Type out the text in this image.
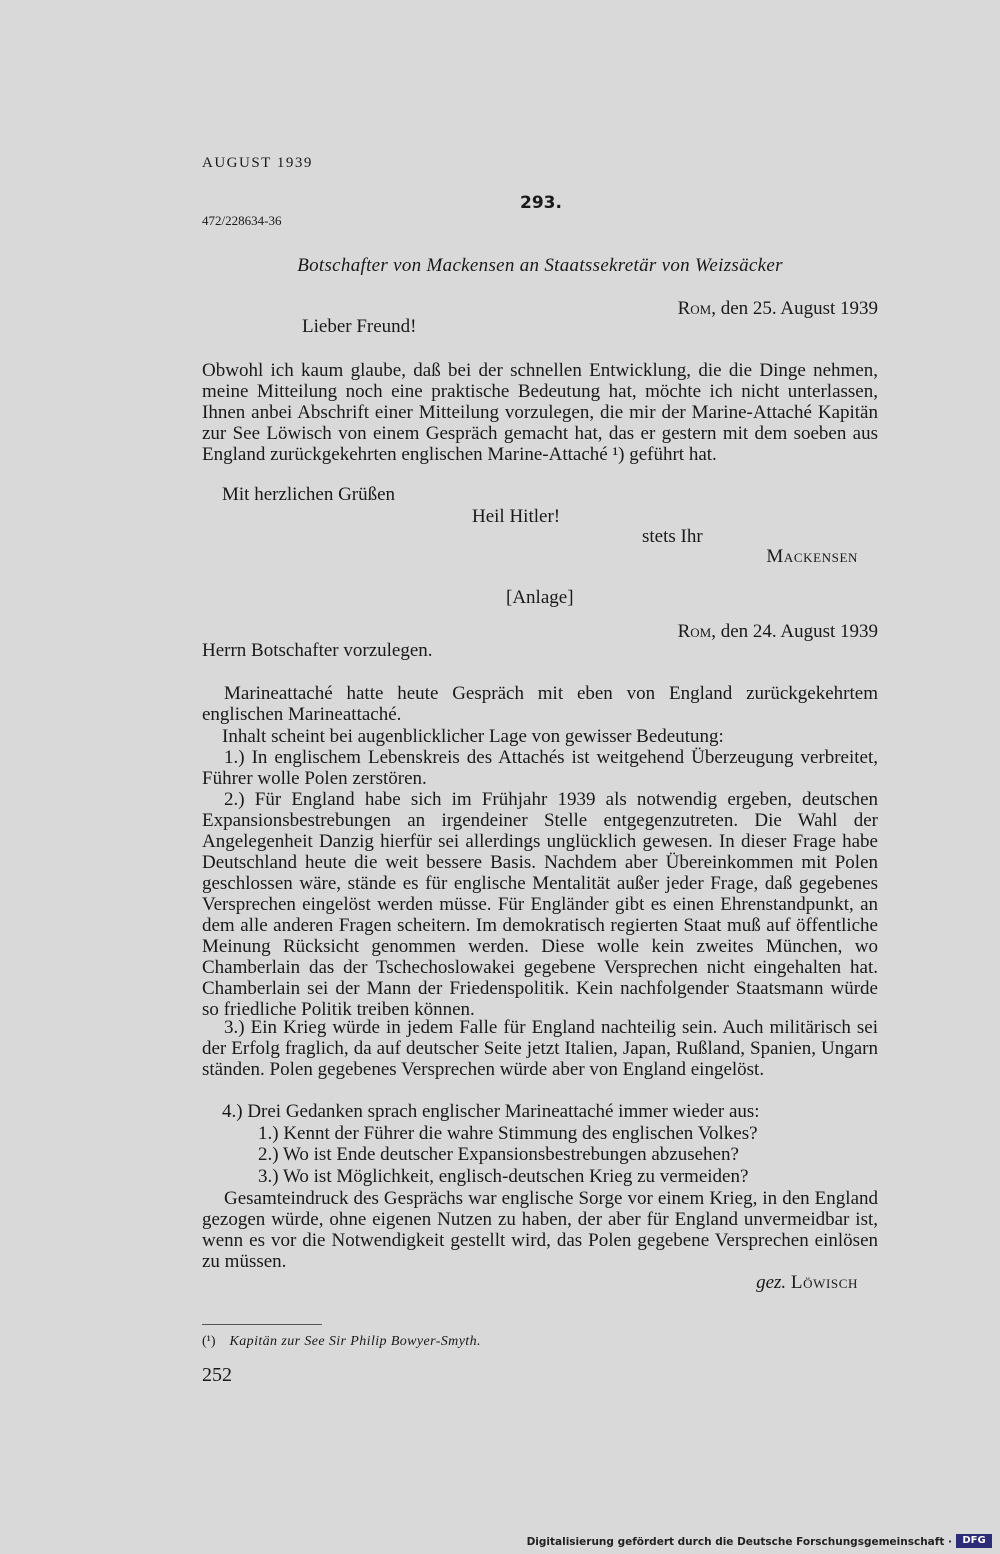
AUGUST 1939
293.
472/228634-36
Botschafter von Mackensen an Staatssekretär von Weizsäcker
Rom, den 25. August 1939
Lieber Freund!

Obwohl ich kaum glaube, daß bei der schnellen Entwicklung, die die Dinge nehmen, meine Mitteilung noch eine praktische Bedeutung hat, möchte ich nicht unterlassen, Ihnen anbei Abschrift einer Mitteilung vorzulegen, die mir der Marine-Attaché Kapitän zur See Löwisch von einem Gespräch gemacht hat, das er gestern mit dem soeben aus England zurückgekehrten englischen Marine-Attaché ¹) geführt hat.

Mit herzlichen Grüßen
Heil Hitler!
stets Ihr
Mackensen
[Anlage]
Rom, den 24. August 1939
Herrn Botschafter vorzulegen.

Marineattaché hatte heute Gespräch mit eben von England zurückgekehrtem englischen Marineattaché.

Inhalt scheint bei augenblicklicher Lage von gewisser Bedeutung:

1.) In englischem Lebenskreis des Attachés ist weitgehend Überzeugung verbreitet, Führer wolle Polen zerstören.

2.) Für England habe sich im Frühjahr 1939 als notwendig ergeben, deutschen Expansionsbestrebungen an irgendeiner Stelle entgegenzutreten. Die Wahl der Angelegenheit Danzig hierfür sei allerdings unglücklich gewesen. In dieser Frage habe Deutschland heute die weit bessere Basis. Nachdem aber Übereinkommen mit Polen geschlossen wäre, stände es für englische Mentalität außer jeder Frage, daß gegebenes Versprechen eingelöst werden müsse. Für Engländer gibt es einen Ehrenstandpunkt, an dem alle anderen Fragen scheitern. Im demokratisch regierten Staat muß auf öffentliche Meinung Rücksicht genommen werden. Diese wolle kein zweites München, wo Chamberlain das der Tschechoslowakei gegebene Versprechen nicht eingehalten hat. Chamberlain sei der Mann der Friedenspolitik. Kein nachfolgender Staatsmann würde so friedliche Politik treiben können.

3.) Ein Krieg würde in jedem Falle für England nachteilig sein. Auch militärisch sei der Erfolg fraglich, da auf deutscher Seite jetzt Italien, Japan, Rußland, Spanien, Ungarn ständen. Polen gegebenes Versprechen würde aber von England eingelöst.

4.) Drei Gedanken sprach englischer Marineattaché immer wieder aus:
1.) Kennt der Führer die wahre Stimmung des englischen Volkes?
2.) Wo ist Ende deutscher Expansionsbestrebungen abzusehen?
3.) Wo ist Möglichkeit, englisch-deutschen Krieg zu vermeiden?

Gesamteindruck des Gesprächs war englische Sorge vor einem Krieg, in den England gezogen würde, ohne eigenen Nutzen zu haben, der aber für England unvermeidbar ist, wenn es vor die Notwendigkeit gestellt wird, das Polen gegebene Versprechen einlösen zu müssen.

gez. Löwisch
(¹) Kapitän zur See Sir Philip Bowyer-Smyth.
252
Digitalisierung gefördert durch die Deutsche Forschungsgemeinschaft ·	DFG
